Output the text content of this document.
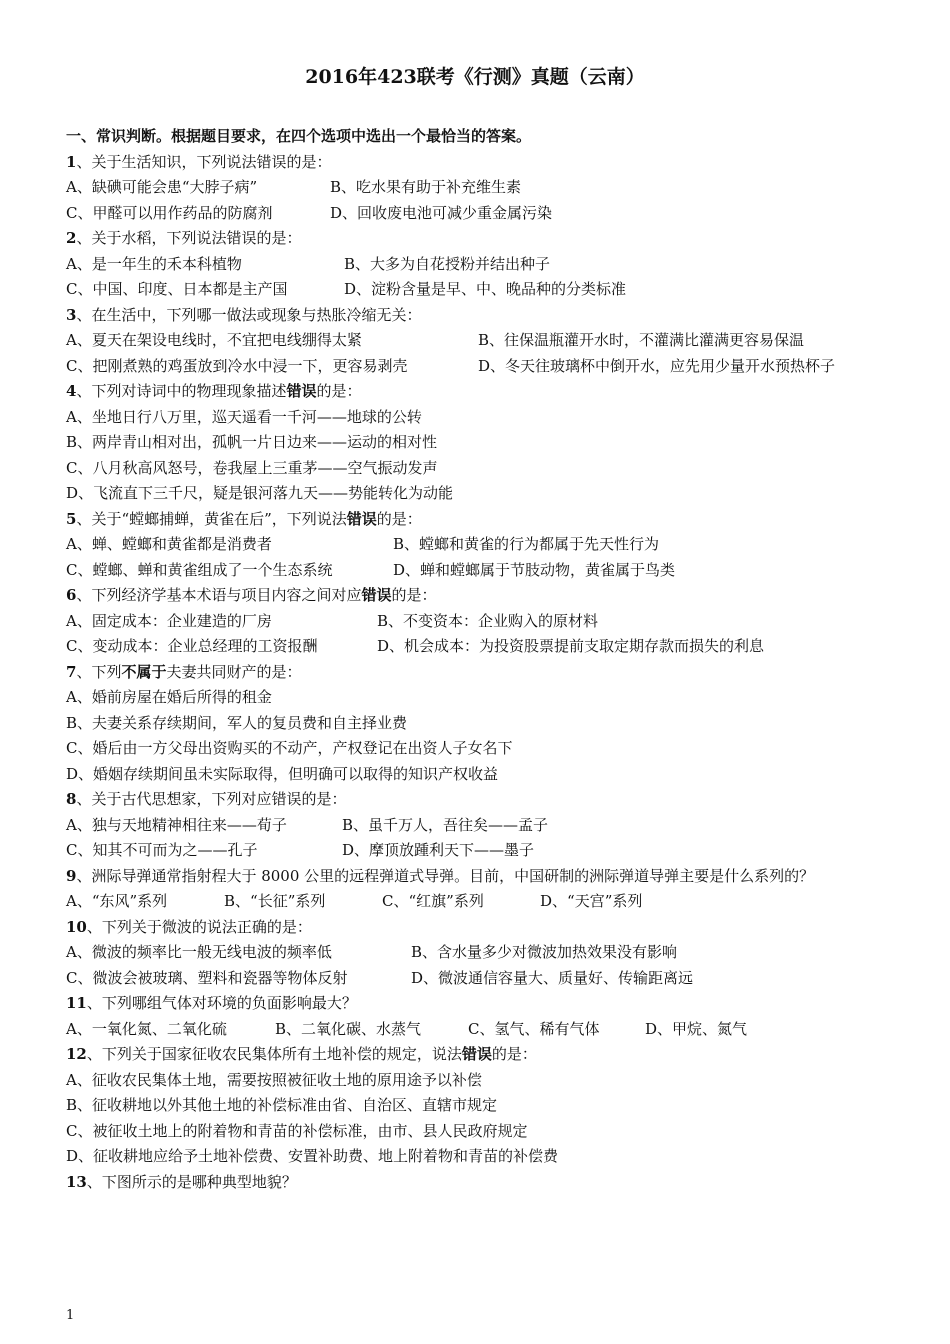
2016年423联考《行测》真题（云南）
一、常识判断。根据题目要求，在四个选项中选出一个最恰当的答案。
1、关于生活知识，下列说法错误的是：
A、缺碘可能会患“大脖子病”	B、吃水果有助于补充维生素
C、甲醛可以用作药品的防腐剂	D、回收废电池可减少重金属污染
2、关于水稻，下列说法错误的是：
A、是一年生的禾本科植物	B、大多为自花授粉并结出种子
C、中国、印度、日本都是主产国	D、淀粉含量是早、中、晚品种的分类标准
3、在生活中，下列哪一做法或现象与热胀冷缩无关：
A、夏天在架设电线时，不宜把电线绷得太紧	B、往保温瓶灌开水时，不灌满比灌满更容易保温
C、把刚煮熟的鸡蛋放到冷水中浸一下，更容易剥壳	D、冬天往玻璃杯中倒开水，应先用少量开水预热杯子
4、下列对诗词中的物理现象描述错误的是：
A、坐地日行八万里，巡天遥看一千河——地球的公转
B、两岸青山相对出，孤帆一片日边来——运动的相对性
C、八月秋高风怒号，卷我屋上三重茅——空气振动发声
D、飞流直下三千尺，疑是银河落九天——势能转化为动能
5、关于“螳螂捕蝉，黄雀在后”，下列说法错误的是：
A、蝉、螳螂和黄雀都是消费者	B、螳螂和黄雀的行为都属于先天性行为
C、螳螂、蝉和黄雀组成了一个生态系统	D、蝉和螳螂属于节肢动物，黄雀属于鸟类
6、下列经济学基本术语与项目内容之间对应错误的是：
A、固定成本：企业建造的厂房	B、不变资本：企业购入的原材料
C、变动成本：企业总经理的工资报酬	D、机会成本：为投资股票提前支取定期存款而损失的利息
7、下列不属于夫妻共同财产的是：
A、婚前房屋在婚后所得的租金
B、夫妻关系存续期间，军人的复员费和自主择业费
C、婚后由一方父母出资购买的不动产，产权登记在出资人子女名下
D、婚姻存续期间虽未实际取得，但明确可以取得的知识产权收益
8、关于古代思想家，下列对应错误的是：
A、独与天地精神相往来——荀子	B、虽千万人，吾往矣——孟子
C、知其不可而为之——孔子	D、摩顶放踵利天下——墨子
9、洲际导弹通常指射程大于 8000 公里的远程弹道式导弹。目前，中国研制的洲际弹道导弹主要是什么系列的？
A、“东风”系列	B、“长征”系列	C、“红旗”系列	D、“天宫”系列
10、下列关于微波的说法正确的是：
A、微波的频率比一般无线电波的频率低	B、含水量多少对微波加热效果没有影响
C、微波会被玻璃、塑料和瓷器等物体反射	D、微波通信容量大、质量好、传输距离远
11、下列哪组气体对环境的负面影响最大？
A、一氧化氮、二氧化硫	B、二氧化碳、水蒸气	C、氢气、稀有气体	D、甲烷、氮气
12、下列关于国家征收农民集体所有土地补偿的规定，说法错误的是：
A、征收农民集体土地，需要按照被征收土地的原用途予以补偿
B、征收耕地以外其他土地的补偿标准由省、自治区、直辖市规定
C、被征收土地上的附着物和青苗的补偿标准，由市、县人民政府规定
D、征收耕地应给予土地补偿费、安置补助费、地上附着物和青苗的补偿费
13、下图所示的是哪种典型地貌？
1
